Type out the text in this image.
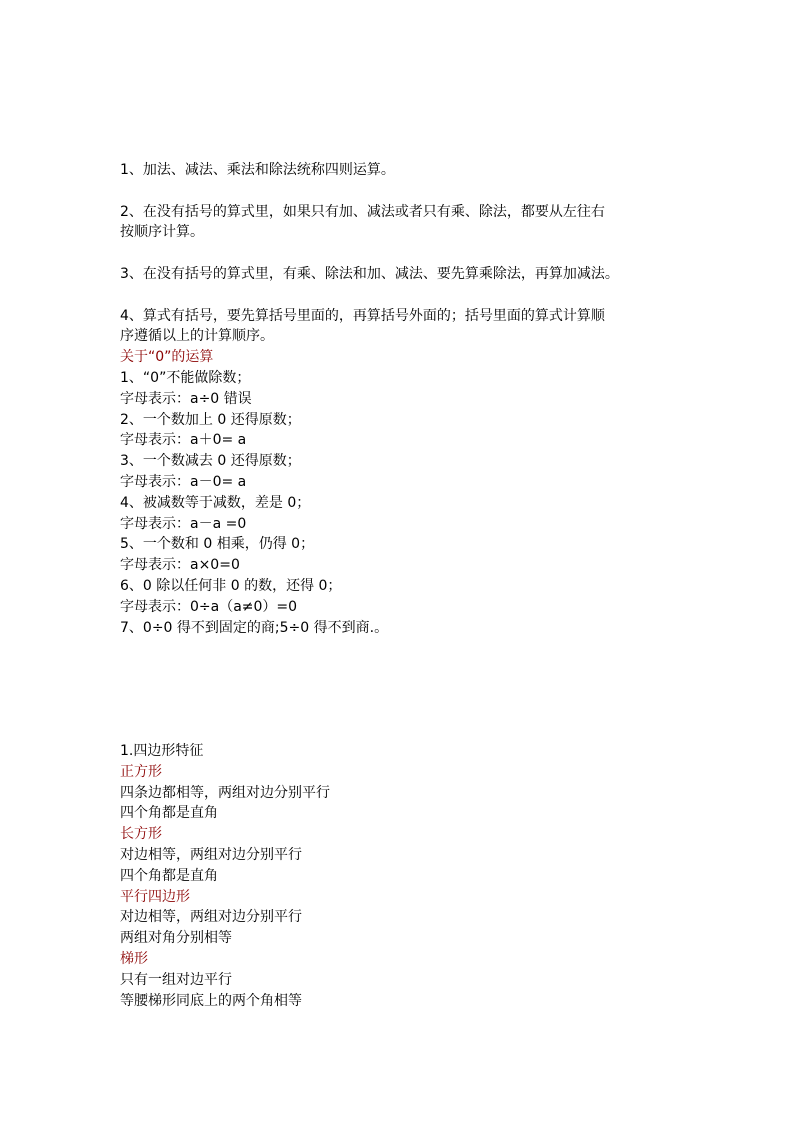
1、加法、减法、乘法和除法统称四则运算。
2、在没有括号的算式里，如果只有加、减法或者只有乘、除法，都要从左往右
按顺序计算。
3、在没有括号的算式里，有乘、除法和加、减法、要先算乘除法，再算加减法。
4、算式有括号，要先算括号里面的，再算括号外面的；括号里面的算式计算顺
序遵循以上的计算顺序。
关于“0”的运算
1、“0”不能做除数；
字母表示：a÷0 错误
2、一个数加上 0 还得原数；
字母表示：a＋0= a
3、一个数减去 0 还得原数；
字母表示：a－0= a
4、被减数等于减数，差是 0；
字母表示：a－a =0
5、一个数和 0 相乘，仍得 0；
字母表示：a×0=0
6、0 除以任何非 0 的数，还得 0；
字母表示：0÷a（a≠0）=0
7、0÷0 得不到固定的商;5÷0 得不到商.。
1.四边形特征
正方形
四条边都相等，两组对边分别平行
四个角都是直角
长方形
对边相等，两组对边分别平行
四个角都是直角
平行四边形
对边相等，两组对边分别平行
两组对角分别相等
梯形
只有一组对边平行
等腰梯形同底上的两个角相等
